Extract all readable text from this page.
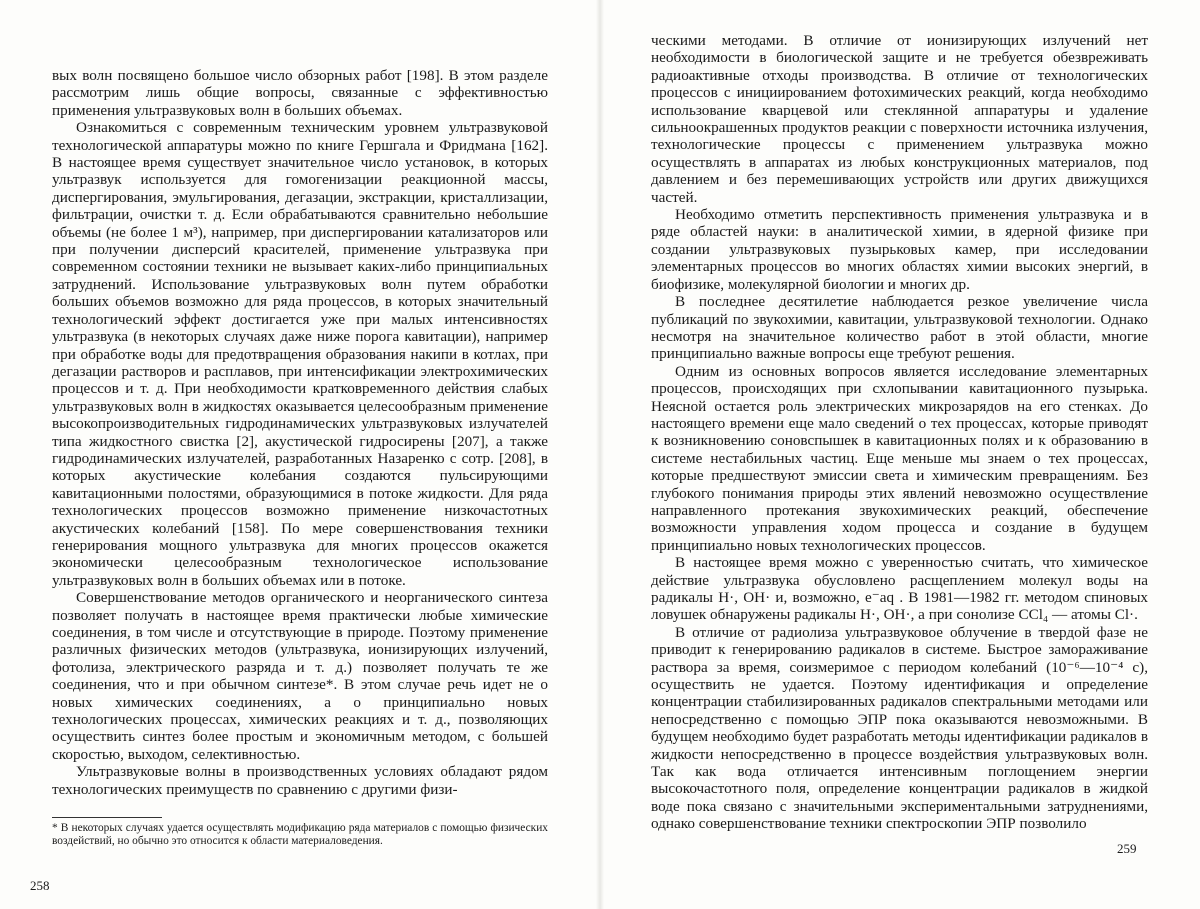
вых волн посвящено большое число обзорных работ [198]. В этом разделе рассмотрим лишь общие вопросы, связанные с эффективностью применения ультразвуковых волн в больших объемах.

Ознакомиться с современным техническим уровнем ультразвуковой технологической аппаратуры можно по книге Гершгала и Фридмана [162]. В настоящее время существует значительное число установок, в которых ультразвук используется для гомогенизации реакционной массы, диспергирования, эмульгирования, дегазации, экстракции, кристаллизации, фильтрации, очистки т. д. Если обрабатываются сравнительно небольшие объемы (не более 1 м³), например, при диспергировании катализаторов или при получении дисперсий красителей, применение ультразвука при современном состоянии техники не вызывает каких-либо принципиальных затруднений. Использование ультразвуковых волн путем обработки больших объемов возможно для ряда процессов, в которых значительный технологический эффект достигается уже при малых интенсивностях ультразвука (в некоторых случаях даже ниже порога кавитации), например при обработке воды для предотвращения образования накипи в котлах, при дегазации растворов и расплавов, при интенсификации электрохимических процессов и т. д. При необходимости кратковременного действия слабых ультразвуковых волн в жидкостях оказывается целесообразным применение высокопроизводительных гидродинамических ультразвуковых излучателей типа жидкостного свистка [2], акустической гидросирены [207], а также гидродинамических излучателей, разработанных Назаренко с сотр. [208], в которых акустические колебания создаются пульсирующими кавитационными полостями, образующимися в потоке жидкости. Для ряда технологических процессов возможно применение низкочастотных акустических колебаний [158]. По мере совершенствования техники генерирования мощного ультразвука для многих процессов окажется экономически целесообразным технологическое использование ультразвуковых волн в больших объемах или в потоке.

Совершенствование методов органического и неорганического синтеза позволяет получать в настоящее время практически любые химические соединения, в том числе и отсутствующие в природе. Поэтому применение различных физических методов (ультразвука, ионизирующих излучений, фотолиза, электрического разряда и т. д.) позволяет получать те же соединения, что и при обычном синтезе*. В этом случае речь идет не о новых химических соединениях, а о принципиально новых технологических процессах, химических реакциях и т. д., позволяющих осуществить синтез более простым и экономичным методом, с большей скоростью, выходом, селективностью.

Ультразвуковые волны в производственных условиях обладают рядом технологических преимуществ по сравнению с другими физи-

* В некоторых случаях удается осуществлять модификацию ряда материалов с помощью физических воздействий, но обычно это относится к области материаловедения.
258

ческими методами. В отличие от ионизирующих излучений нет необходимости в биологической защите и не требуется обезвреживать радиоактивные отходы производства. В отличие от технологических процессов с инициированием фотохимических реакций, когда необходимо использование кварцевой или стеклянной аппаратуры и удаление сильноокрашенных продуктов реакции с поверхности источника излучения, технологические процессы с применением ультразвука можно осуществлять в аппаратах из любых конструкционных материалов, под давлением и без перемешивающих устройств или других движущихся частей.

Необходимо отметить перспективность применения ультразвука и в ряде областей науки: в аналитической химии, в ядерной физике при создании ультразвуковых пузырьковых камер, при исследовании элементарных процессов во многих областях химии высоких энергий, в биофизике, молекулярной биологии и многих др.

В последнее десятилетие наблюдается резкое увеличение числа публикаций по звукохимии, кавитации, ультразвуковой технологии. Однако несмотря на значительное количество работ в этой области, многие принципиально важные вопросы еще требуют решения.

Одним из основных вопросов является исследование элементарных процессов, происходящих при схлопывании кавитационного пузырька. Неясной остается роль электрических микрозарядов на его стенках. До настоящего времени еще мало сведений о тех процессах, которые приводят к возникновению соновспышек в кавитационных полях и к образованию в системе нестабильных частиц. Еще меньше мы знаем о тех процессах, которые предшествуют эмиссии света и химическим превращениям. Без глубокого понимания природы этих явлений невозможно осуществление направленного протекания звукохимических реакций, обеспечение возможности управления ходом процесса и создание в будущем принципиально новых технологических процессов.

В настоящее время можно с уверенностью считать, что химическое действие ультразвука обусловлено расщеплением молекул воды на радикалы H·, OH· и, возможно, e⁻aq . В 1981—1982 гг. методом спиновых ловушек обнаружены радикалы H·, OH·, а при сонолизе CCl₄ — атомы Cl·.

В отличие от радиолиза ультразвуковое облучение в твердой фазе не приводит к генерированию радикалов в системе. Быстрое замораживание раствора за время, соизмеримое с периодом колебаний (10⁻⁶—10⁻⁴ с), осуществить не удается. Поэтому идентификация и определение концентрации стабилизированных радикалов спектральными методами или непосредственно с помощью ЭПР пока оказываются невозможными. В будущем необходимо будет разработать методы идентификации радикалов в жидкости непосредственно в процессе воздействия ультразвуковых волн. Так как вода отличается интенсивным поглощением энергии высокочастотного поля, определение концентрации радикалов в жидкой воде пока связано с значительными экспериментальными затруднениями, однако совершенствование техники спектроскопии ЭПР позволило

259
